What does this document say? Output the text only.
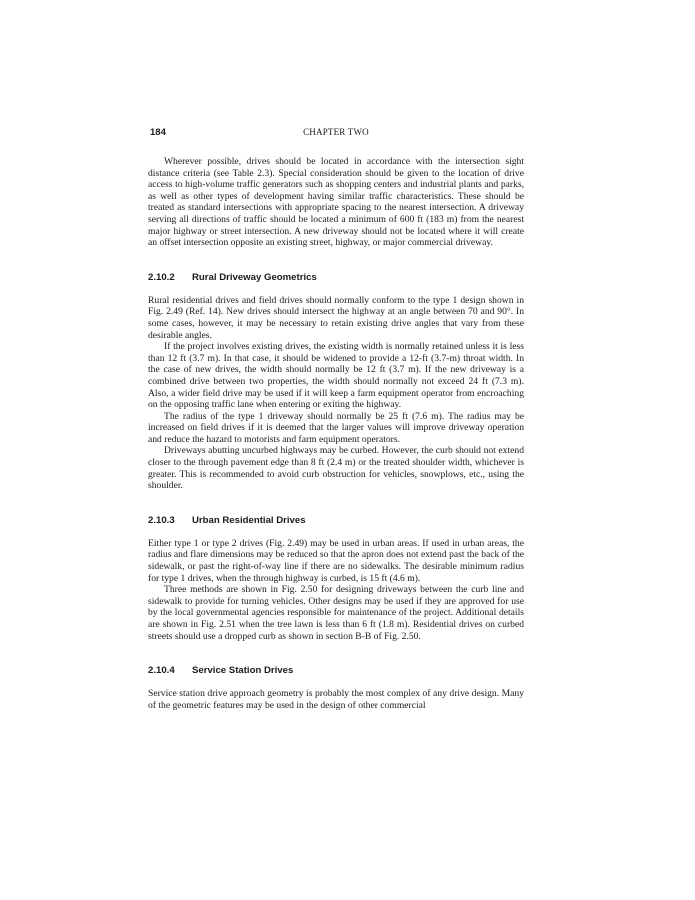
184	CHAPTER TWO

Wherever possible, drives should be located in accordance with the intersection sight distance criteria (see Table 2.3). Special consideration should be given to the location of drive access to high-volume traffic generators such as shopping centers and industrial plants and parks, as well as other types of development having similar traffic characteristics. These should be treated as standard intersections with appropriate spacing to the nearest intersection. A driveway serving all directions of traffic should be located a minimum of 600 ft (183 m) from the nearest major highway or street intersection. A new driveway should not be located where it will create an offset intersection opposite an existing street, highway, or major commercial driveway.

2.10.2 Rural Driveway Geometrics

Rural residential drives and field drives should normally conform to the type 1 design shown in Fig. 2.49 (Ref. 14). New drives should intersect the highway at an angle between 70 and 90°. In some cases, however, it may be necessary to retain existing drive angles that vary from these desirable angles.

If the project involves existing drives, the existing width is normally retained unless it is less than 12 ft (3.7 m). In that case, it should be widened to provide a 12-ft (3.7-m) throat width. In the case of new drives, the width should normally be 12 ft (3.7 m). If the new driveway is a combined drive between two properties, the width should normally not exceed 24 ft (7.3 m). Also, a wider field drive may be used if it will keep a farm equipment operator from encroaching on the opposing traffic lane when entering or exiting the highway.

The radius of the type 1 driveway should normally be 25 ft (7.6 m). The radius may be increased on field drives if it is deemed that the larger values will improve driveway operation and reduce the hazard to motorists and farm equipment operators.

Driveways abutting uncurbed highways may be curbed. However, the curb should not extend closer to the through pavement edge than 8 ft (2.4 m) or the treated shoulder width, whichever is greater. This is recommended to avoid curb obstruction for vehicles, snowplows, etc., using the shoulder.

2.10.3 Urban Residential Drives

Either type 1 or type 2 drives (Fig. 2.49) may be used in urban areas. If used in urban areas, the radius and flare dimensions may be reduced so that the apron does not extend past the back of the sidewalk, or past the right-of-way line if there are no sidewalks. The desirable minimum radius for type 1 drives, when the through highway is curbed, is 15 ft (4.6 m).

Three methods are shown in Fig. 2.50 for designing driveways between the curb line and sidewalk to provide for turning vehicles. Other designs may be used if they are approved for use by the local governmental agencies responsible for maintenance of the project. Additional details are shown in Fig. 2.51 when the tree lawn is less than 6 ft (1.8 m). Residential drives on curbed streets should use a dropped curb as shown in section B-B of Fig. 2.50.

2.10.4 Service Station Drives

Service station drive approach geometry is probably the most complex of any drive design. Many of the geometric features may be used in the design of other commercial
